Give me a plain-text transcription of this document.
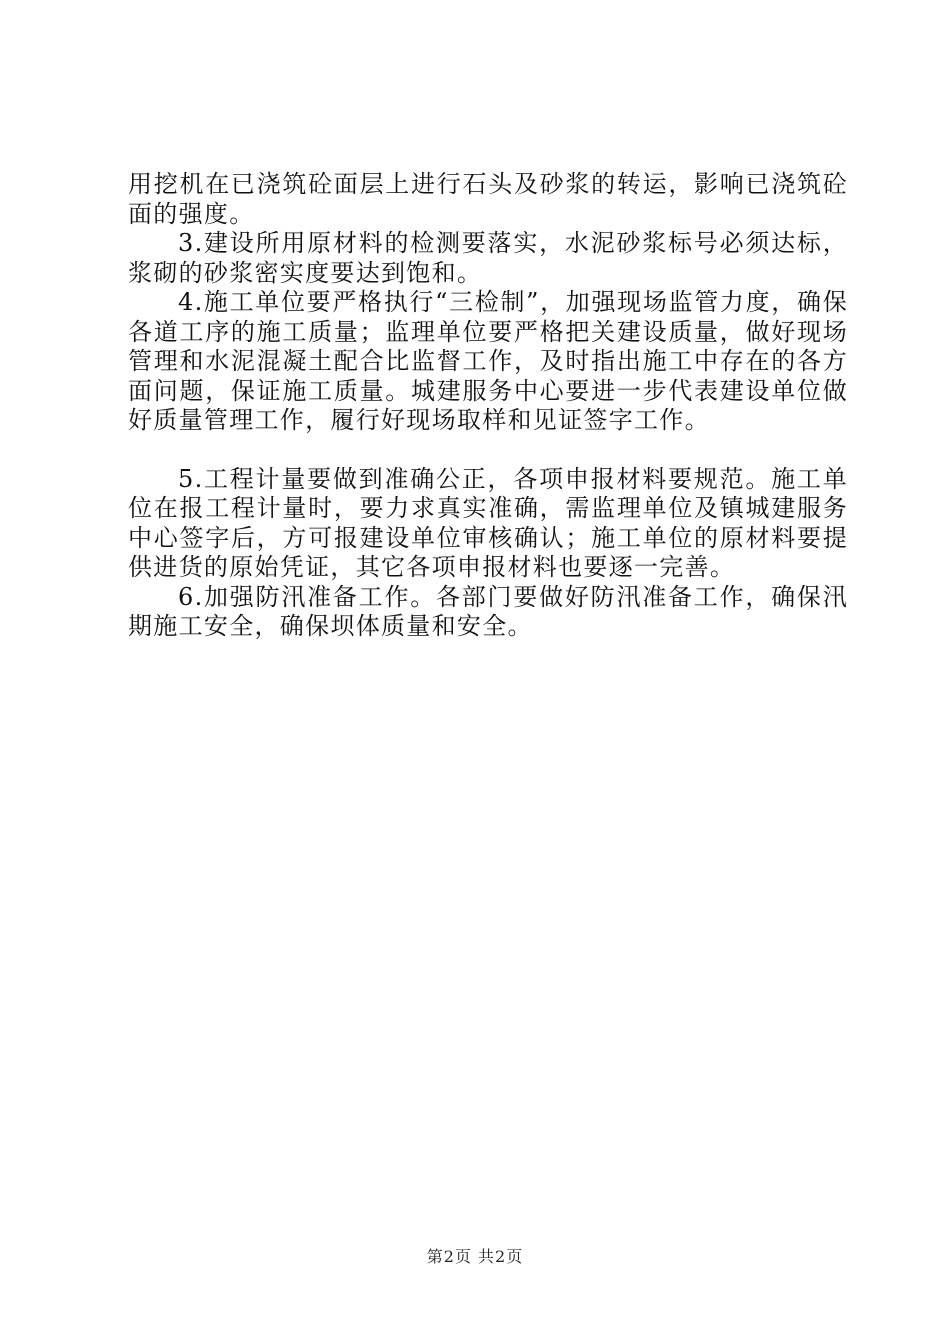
用挖机在已浇筑砼面层上进行石头及砂浆的转运，影响已浇筑砼面的强度。

3.建设所用原材料的检测要落实，水泥砂浆标号必须达标，浆砌的砂浆密实度要达到饱和。

4.施工单位要严格执行“三检制”，加强现场监管力度，确保各道工序的施工质量；监理单位要严格把关建设质量，做好现场管理和水泥混凝土配合比监督工作，及时指出施工中存在的各方面问题，保证施工质量。城建服务中心要进一步代表建设单位做好质量管理工作，履行好现场取样和见证签字工作。

5.工程计量要做到准确公正，各项申报材料要规范。施工单位在报工程计量时，要力求真实准确，需监理单位及镇城建服务中心签字后，方可报建设单位审核确认；施工单位的原材料要提供进货的原始凭证，其它各项申报材料也要逐一完善。

6.加强防汛准备工作。各部门要做好防汛准备工作，确保汛期施工安全，确保坝体质量和安全。

第2页 共2页
